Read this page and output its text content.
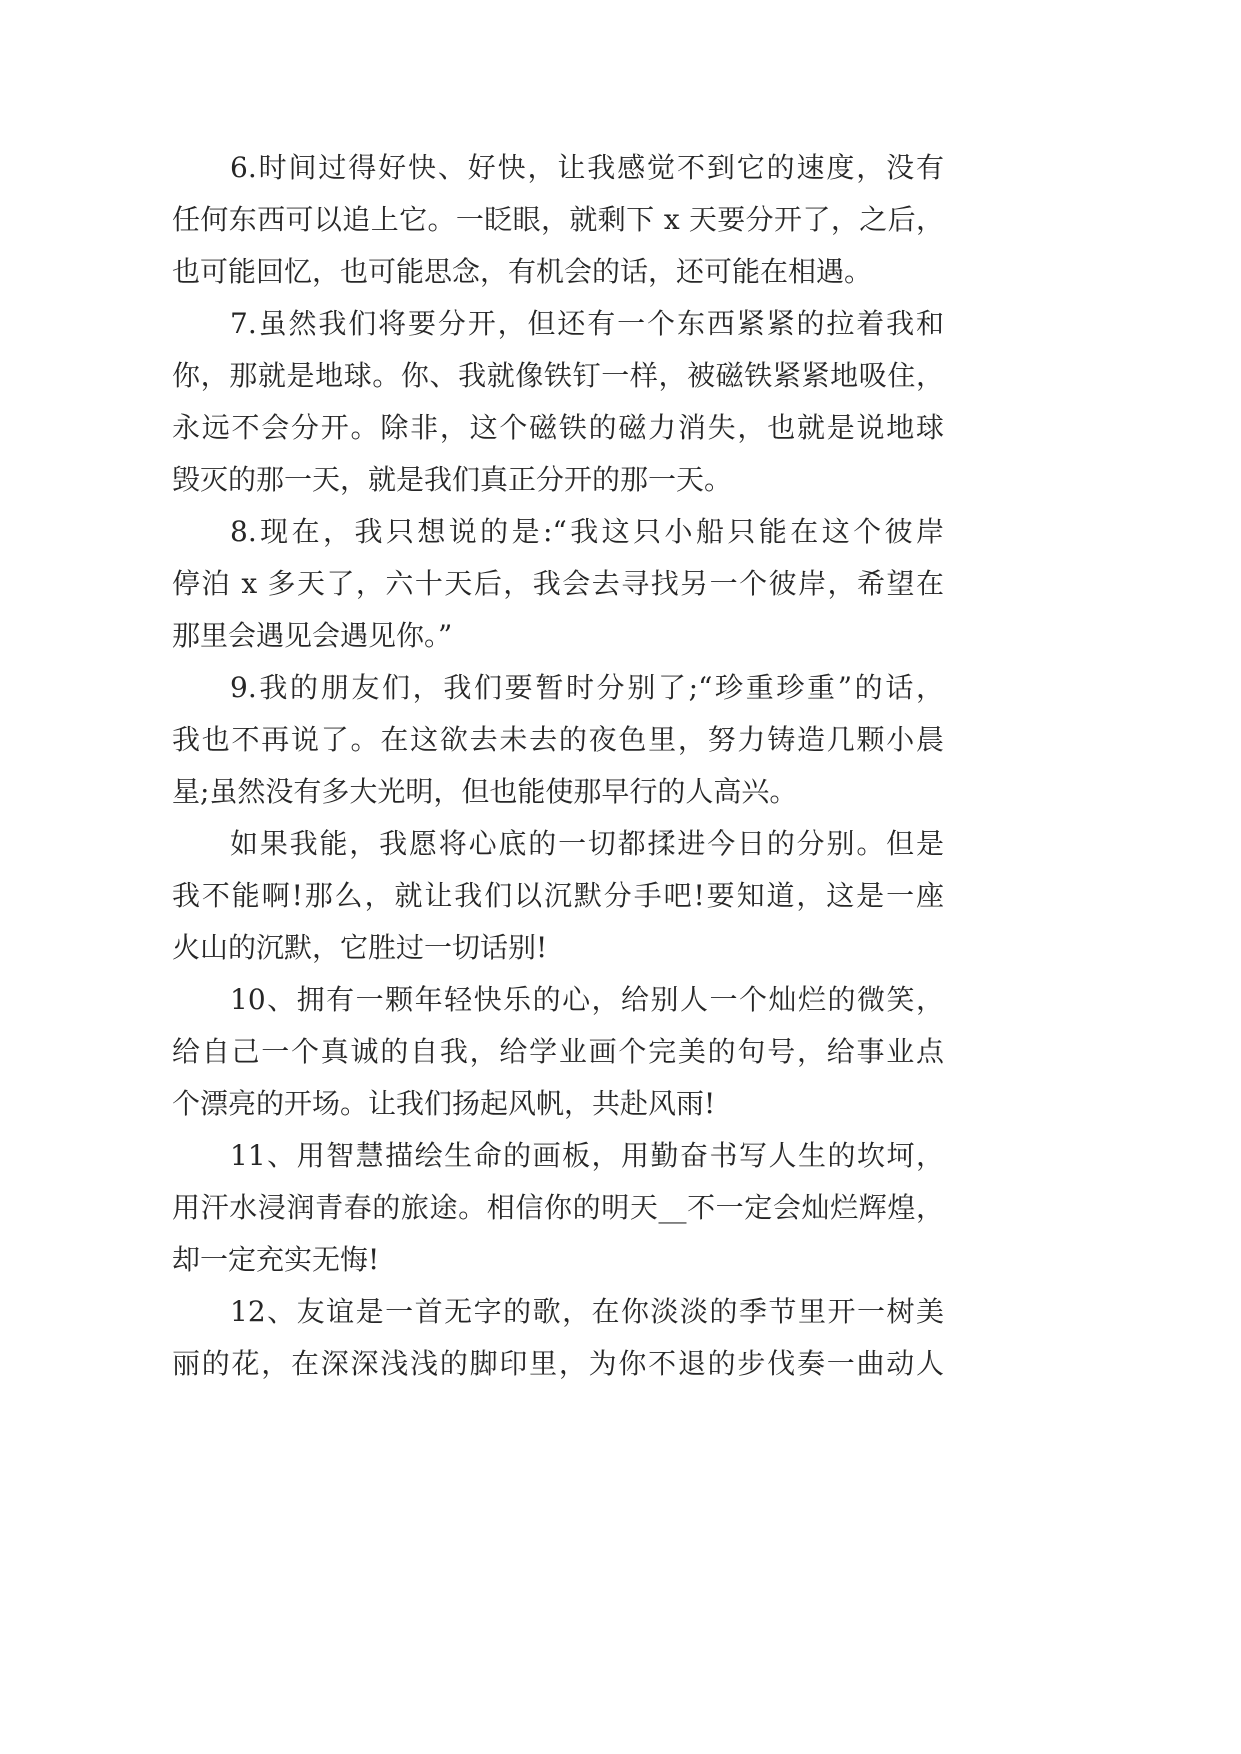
6.时间过得好快、好快，让我感觉不到它的速度，没有
任何东西可以追上它。一眨眼，就剩下 x 天要分开了，之后，
也可能回忆，也可能思念，有机会的话，还可能在相遇。
7.虽然我们将要分开，但还有一个东西紧紧的拉着我和
你，那就是地球。你、我就像铁钉一样，被磁铁紧紧地吸住，
永远不会分开。除非，这个磁铁的磁力消失，也就是说地球
毁灭的那一天，就是我们真正分开的那一天。
8.现在，我只想说的是:“我这只小船只能在这个彼岸
停泊 x 多天了，六十天后，我会去寻找另一个彼岸，希望在
那里会遇见会遇见你。”
9.我的朋友们，我们要暂时分别了;“珍重珍重”的话，
我也不再说了。在这欲去未去的夜色里，努力铸造几颗小晨
星;虽然没有多大光明，但也能使那早行的人高兴。
如果我能，我愿将心底的一切都揉进今日的分别。但是
我不能啊!那么，就让我们以沉默分手吧!要知道，这是一座
火山的沉默，它胜过一切话别!
10、拥有一颗年轻快乐的心，给别人一个灿烂的微笑，
给自己一个真诚的自我，给学业画个完美的句号，给事业点
个漂亮的开场。让我们扬起风帆，共赴风雨!
11、用智慧描绘生命的画板，用勤奋书写人生的坎坷，
用汗水浸润青春的旅途。相信你的明天__不一定会灿烂辉煌，
却一定充实无悔!
12、友谊是一首无字的歌，在你淡淡的季节里开一树美
丽的花，在深深浅浅的脚印里，为你不退的步伐奏一曲动人
